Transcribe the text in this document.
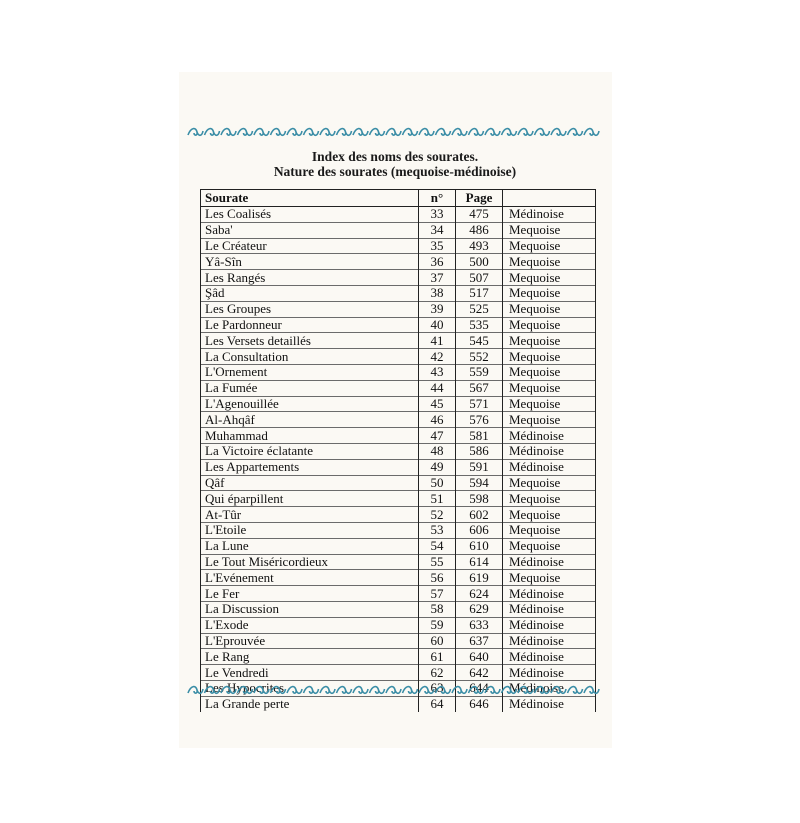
Index des noms des sourates.
Nature des sourates (mequoise-médinoise)
Sourate	n°	Page	
Les Coalisés	33	475	Médinoise
Saba'	34	486	Mequoise
Le Créateur	35	493	Mequoise
Yâ-Sîn	36	500	Mequoise
Les Rangés	37	507	Mequoise
Şâd	38	517	Mequoise
Les Groupes	39	525	Mequoise
Le Pardonneur	40	535	Mequoise
Les Versets detaillés	41	545	Mequoise
La Consultation	42	552	Mequoise
L'Ornement	43	559	Mequoise
La Fumée	44	567	Mequoise
L'Agenouillée	45	571	Mequoise
Al-Ahqâf	46	576	Mequoise
Muhammad	47	581	Médinoise
La Victoire éclatante	48	586	Médinoise
Les Appartements	49	591	Médinoise
Qâf	50	594	Mequoise
Qui éparpillent	51	598	Mequoise
At-Tûr	52	602	Mequoise
L'Etoile	53	606	Mequoise
La Lune	54	610	Mequoise
Le Tout Miséricordieux	55	614	Médinoise
L'Evénement	56	619	Mequoise
Le Fer	57	624	Médinoise
La Discussion	58	629	Médinoise
L'Exode	59	633	Médinoise
L'Eprouvée	60	637	Médinoise
Le Rang	61	640	Médinoise
Le Vendredi	62	642	Médinoise
Les Hypocrites	63	644	Médinoise
La Grande perte	64	646	Médinoise
